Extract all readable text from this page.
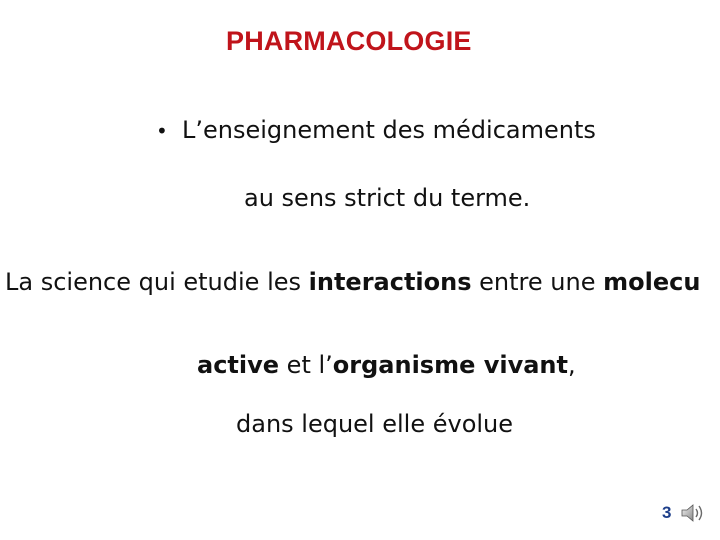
PHARMACOLOGIE
• L’enseignement des médicaments
au sens strict du terme.
La science qui etudie les interactions entre une molecu
active et l’organisme vivant,
dans lequel elle évolue
3
